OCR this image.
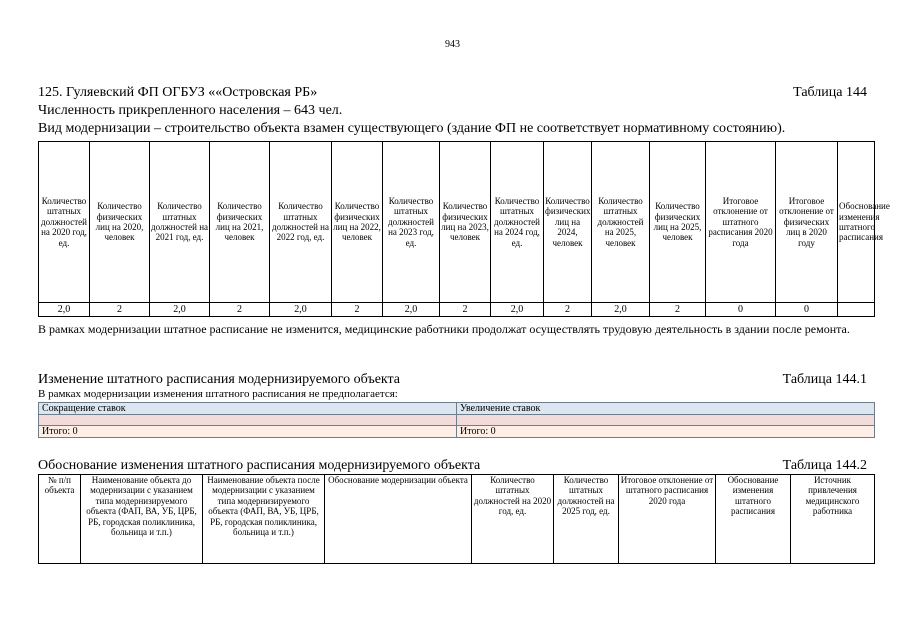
943
125. Гуляевский ФП ОГБУЗ ««Островская РБ»	Таблица 144
Численность прикрепленного населения – 643 чел.
Вид модернизации – строительство объекта взамен существующего (здание ФП не соответствует нормативному состоянию).
Количество штатных должностей на 2020 год, ед.	Количество физических лиц на 2020, человек	Количество штатных должностей на 2021 год, ед.	Количество физических лиц на 2021, человек	Количество штатных должностей на 2022 год, ед.	Количество физических лиц на 2022, человек	Количество штатных должностей на 2023 год, ед.	Количество физических лиц на 2023, человек	Количество штатных должностей на 2024 год, ед.	Количество физических лиц на 2024, человек	Количество штатных должностей на 2025, человек	Количество физических лиц на 2025, человек	Итоговое отклонение от штатного расписания 2020 года	Итоговое отклонение от физических лиц в 2020 году	Обоснование изменения штатного расписания
2,0	2	2,0	2	2,0	2	2,0	2	2,0	2	2,0	2	0	0	
В рамках модернизации штатное расписание не изменится, медицинские работники продолжат осуществлять трудовую деятельность в здании после ремонта.
Изменение штатного расписания модернизируемого объекта	Таблица 144.1
В рамках модернизации изменения штатного расписания не предполагается:
Сокращение ставок	Увеличение ставок

Итого: 0	Итого: 0
Обоснование изменения штатного расписания модернизируемого объекта	Таблица 144.2
№ п/п объекта	Наименование объекта до модернизации с указанием типа модернизируемого объекта (ФАП, ВА, УБ, ЦРБ, РБ, городская поликлиника, больница и т.п.)	Наименование объекта после модернизации с указанием типа модернизируемого объекта (ФАП, ВА, УБ, ЦРБ, РБ, городская поликлиника, больница и т.п.)	Обоснование модернизации объекта	Количество штатных должностей на 2020 год, ед.	Количество штатных должностей на 2025 год, ед.	Итоговое отклонение от штатного расписания 2020 года	Обоснование изменения штатного расписания	Источник привлечения медицинского работника
